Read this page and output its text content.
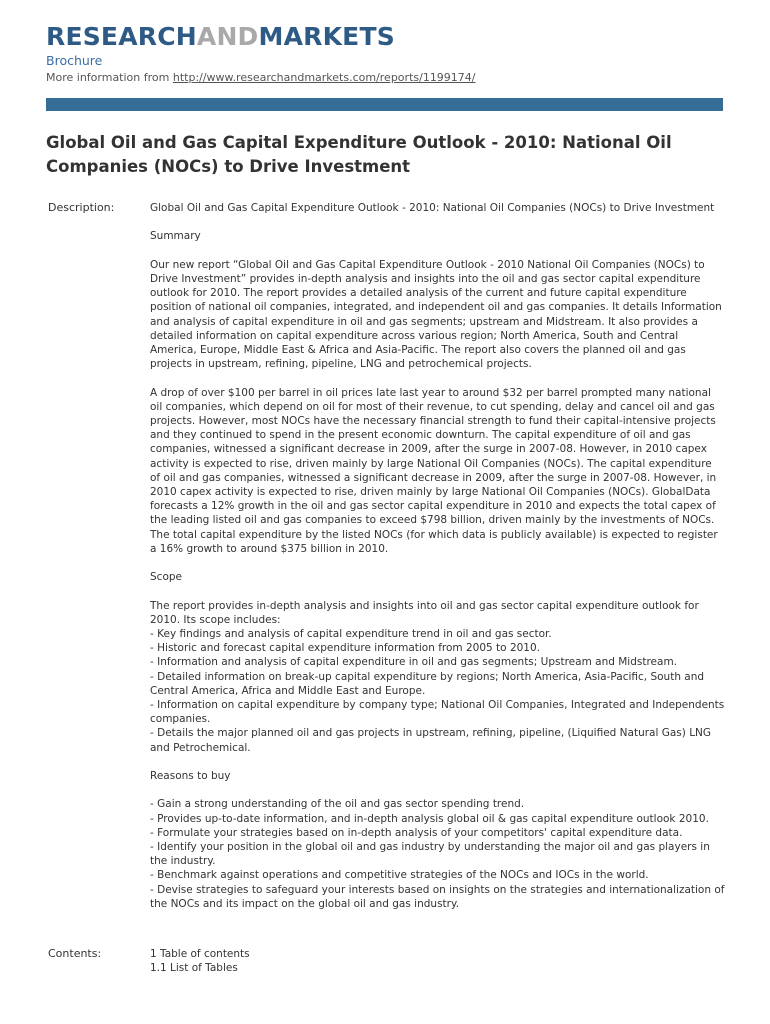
RESEARCHANDMARKETS
Brochure
More information from http://www.researchandmarkets.com/reports/1199174/
Global Oil and Gas Capital Expenditure Outlook - 2010: National Oil Companies (NOCs) to Drive Investment
Description:	Global Oil and Gas Capital Expenditure Outlook - 2010: National Oil Companies (NOCs) to Drive Investment

Summary

Our new report “Global Oil and Gas Capital Expenditure Outlook - 2010 National Oil Companies (NOCs) to Drive Investment” provides in-depth analysis and insights into the oil and gas sector capital expenditure outlook for 2010. The report provides a detailed analysis of the current and future capital expenditure position of national oil companies, integrated, and independent oil and gas companies. It details Information and analysis of capital expenditure in oil and gas segments; upstream and Midstream. It also provides a detailed information on capital expenditure across various region; North America, South and Central America, Europe, Middle East & Africa and Asia-Pacific. The report also covers the planned oil and gas projects in upstream, refining, pipeline, LNG and petrochemical projects.

A drop of over $100 per barrel in oil prices late last year to around $32 per barrel prompted many national oil companies, which depend on oil for most of their revenue, to cut spending, delay and cancel oil and gas projects. However, most NOCs have the necessary financial strength to fund their capital-intensive projects and they continued to spend in the present economic downturn. The capital expenditure of oil and gas companies, witnessed a significant decrease in 2009, after the surge in 2007-08. However, in 2010 capex activity is expected to rise, driven mainly by large National Oil Companies (NOCs). The capital expenditure of oil and gas companies, witnessed a significant decrease in 2009, after the surge in 2007-08. However, in 2010 capex activity is expected to rise, driven mainly by large National Oil Companies (NOCs). GlobalData forecasts a 12% growth in the oil and gas sector capital expenditure in 2010 and expects the total capex of the leading listed oil and gas companies to exceed $798 billion, driven mainly by the investments of NOCs. The total capital expenditure by the listed NOCs (for which data is publicly available) is expected to register a 16% growth to around $375 billion in 2010.

Scope

The report provides in-depth analysis and insights into oil and gas sector capital expenditure outlook for 2010. Its scope includes:

- Key findings and analysis of capital expenditure trend in oil and gas sector.

- Historic and forecast capital expenditure information from 2005 to 2010.

- Information and analysis of capital expenditure in oil and gas segments; Upstream and Midstream.

- Detailed information on break-up capital expenditure by regions; North America, Asia-Pacific, South and Central America, Africa and Middle East and Europe.

- Information on capital expenditure by company type; National Oil Companies, Integrated and Independents companies.

- Details the major planned oil and gas projects in upstream, refining, pipeline, (Liquified Natural Gas) LNG and Petrochemical.

Reasons to buy

- Gain a strong understanding of the oil and gas sector spending trend.

- Provides up-to-date information, and in-depth analysis global oil & gas capital expenditure outlook 2010.

- Formulate your strategies based on in-depth analysis of your competitors' capital expenditure data.

- Identify your position in the global oil and gas industry by understanding the major oil and gas players in the industry.

- Benchmark against operations and competitive strategies of the NOCs and IOCs in the world.

- Devise strategies to safeguard your interests based on insights on the strategies and internationalization of the NOCs and its impact on the global oil and gas industry.

Contents:	1 Table of contents

1.1 List of Tables
